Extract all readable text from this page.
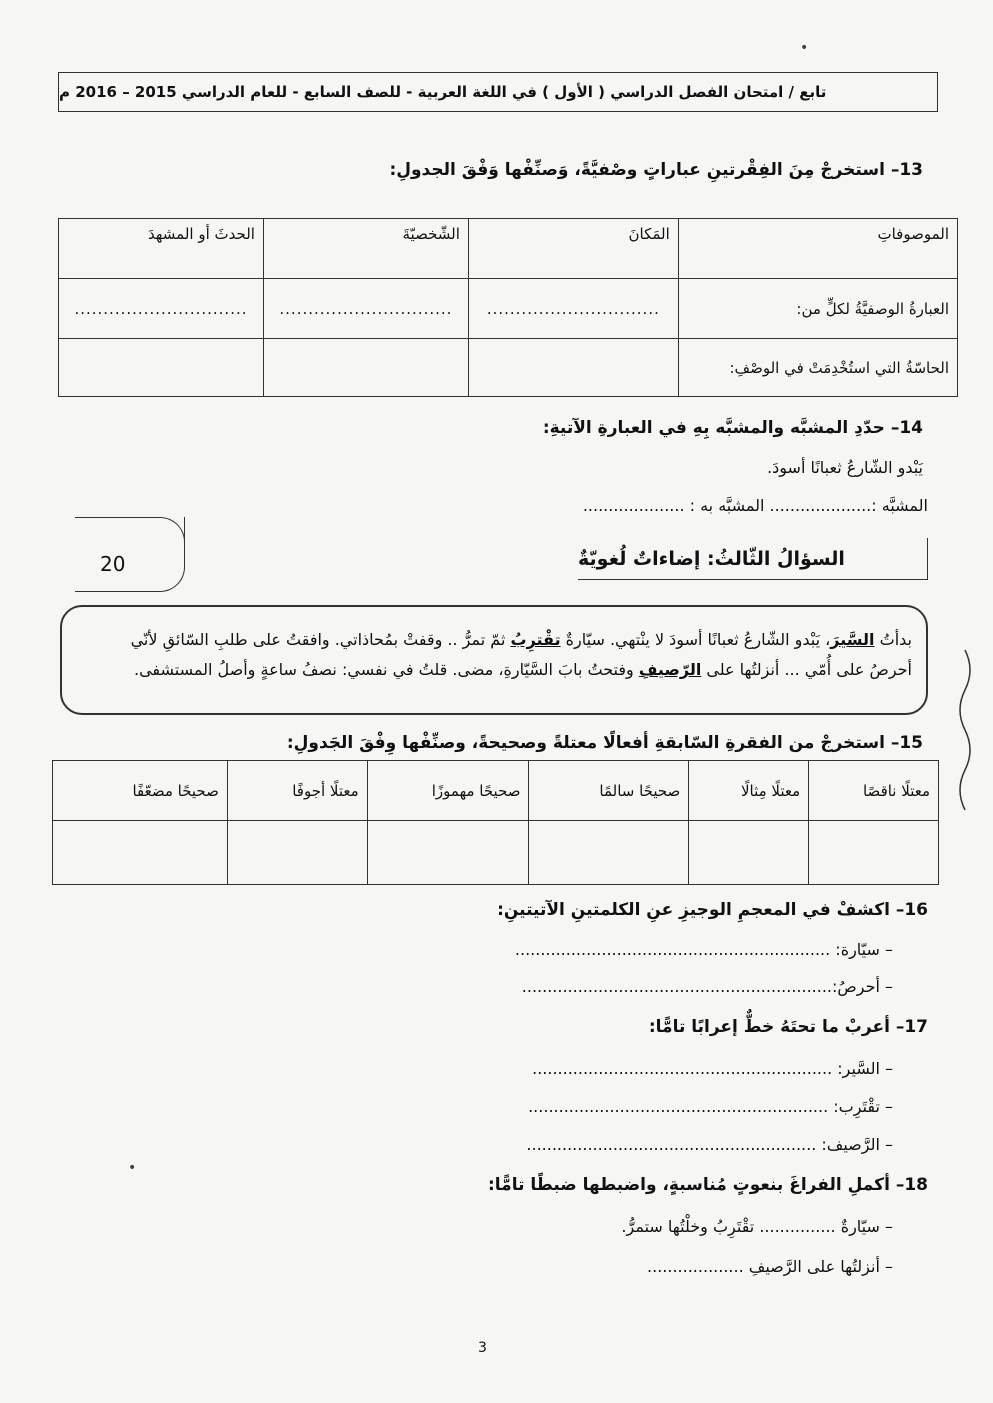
تابع / امتحان الفصل الدراسي ( الأول ) في اللغة العربية - للصف السابع - للعام الدراسي 2015 – 2016 م
13– استخرجْ مِنَ الفِقْرتينِ عباراتٍ وصْفيَّةً، وَصنِّفْها وَفْقَ الجدولِ:
الموصوفاتِ	المَكانَ	الشّخصيّةَ	الحدثَ أو المشهدَ
العبارةُ الوصفيَّةُ لكلٍّ من:	..............................	..............................	..............................
الحاسّةُ التي استُخْدِمَتْ في الوصْفِ:			
14– حدّدِ المشبَّه والمشبَّه بِهِ في العبارةِ الآتيةِ:
يَبْدو الشّارعُ ثعبانًا أسودَ.
المشبَّه :.................... المشبَّه به : ....................
20	السؤالُ الثّالثُ: إضاءاتٌ لُغويّةٌ
بدأتُ السَّيرَ، يَبْدو الشّارعُ ثعبانًا أسودَ لا ينْتهي. سيّارةٌ تقْترِبُ ثمّ تمرُّ .. وقفتْ بمُحاذاتي. وافقتُ على طلبِ السّائقِ لأنّي
أحرصُ على أُمّي ... أنزلتُها على الرّصيفِ وفتحتُ بابَ السَّيّارةِ، مضى. قلتُ في نفسي: نصفُ ساعةٍ وأصلُ المستشفى.
15– استخرجْ من الفقرةِ السّابقةِ أفعالًا معتلةً وصحيحةً، وصنِّفْها وِفْقَ الجَدولِ:
معتلًا ناقصًا	معتلًا مِثالًا	صحيحًا سالمًا	صحيحًا مهموزًا	معتلًا أجوفًا	صحيحًا مضعّفًا

16– اكشفْ في المعجمِ الوجيزِ عنِ الكلمتينِ الآتيتينِ:
– سيّارة: ..............................................................
– أحرصُ:.............................................................
17– أعربْ ما تحتَهُ خطٌّ إعرابًا تامًّا:
– السَّير: ...........................................................
– تقْتَرِب: ...........................................................
– الرَّصيف: .........................................................
18– أكملِ الفراغَ بنعوتٍ مُناسبةٍ، واضبطها ضبطًا تامًّا:
– سيّارةٌ ............... تقْتَرِبُ وخلْتُها ستمرُّ.
– أنزلتُها على الرَّصيفِ ...................
3
•
•
